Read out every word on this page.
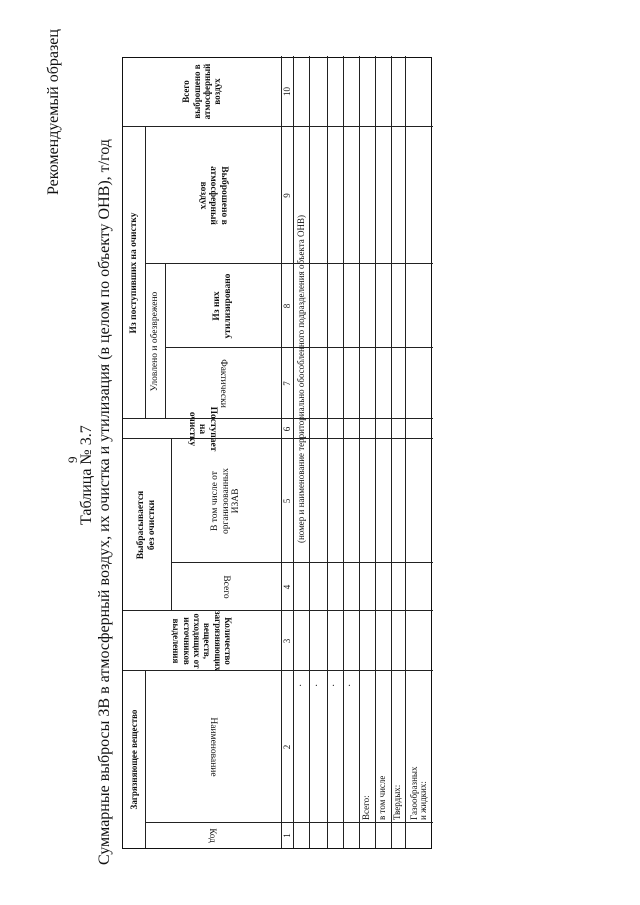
9
Рекомендуемый образец
Таблица № 3.7 Суммарные выбросы ЗВ в атмосферный воздух, их очистка и утилизация (в целом по объекту ОНВ), т/год	Загрязняющее вещество
Код
Наименование
Количество загрязняющих веществ, отходящих от источников выделения
Выбрасывается без очистки
Всего
В том числе от организованных ИЗАВ
Поступает на очистку
Из поступивших на очистку
Уловлено и обезврежено	Фактически
Из них утилизировано
Выброшено в атмосферный воздух
Всего выброшено в атмосферный воздух
1
2
3
4
5
6
7
8
9
10
(номер и наименование территориально обособленного подразделения объекта ОНВ)
· · · ·
Всего: в том числе Твердых: Газообразных и жидких:
